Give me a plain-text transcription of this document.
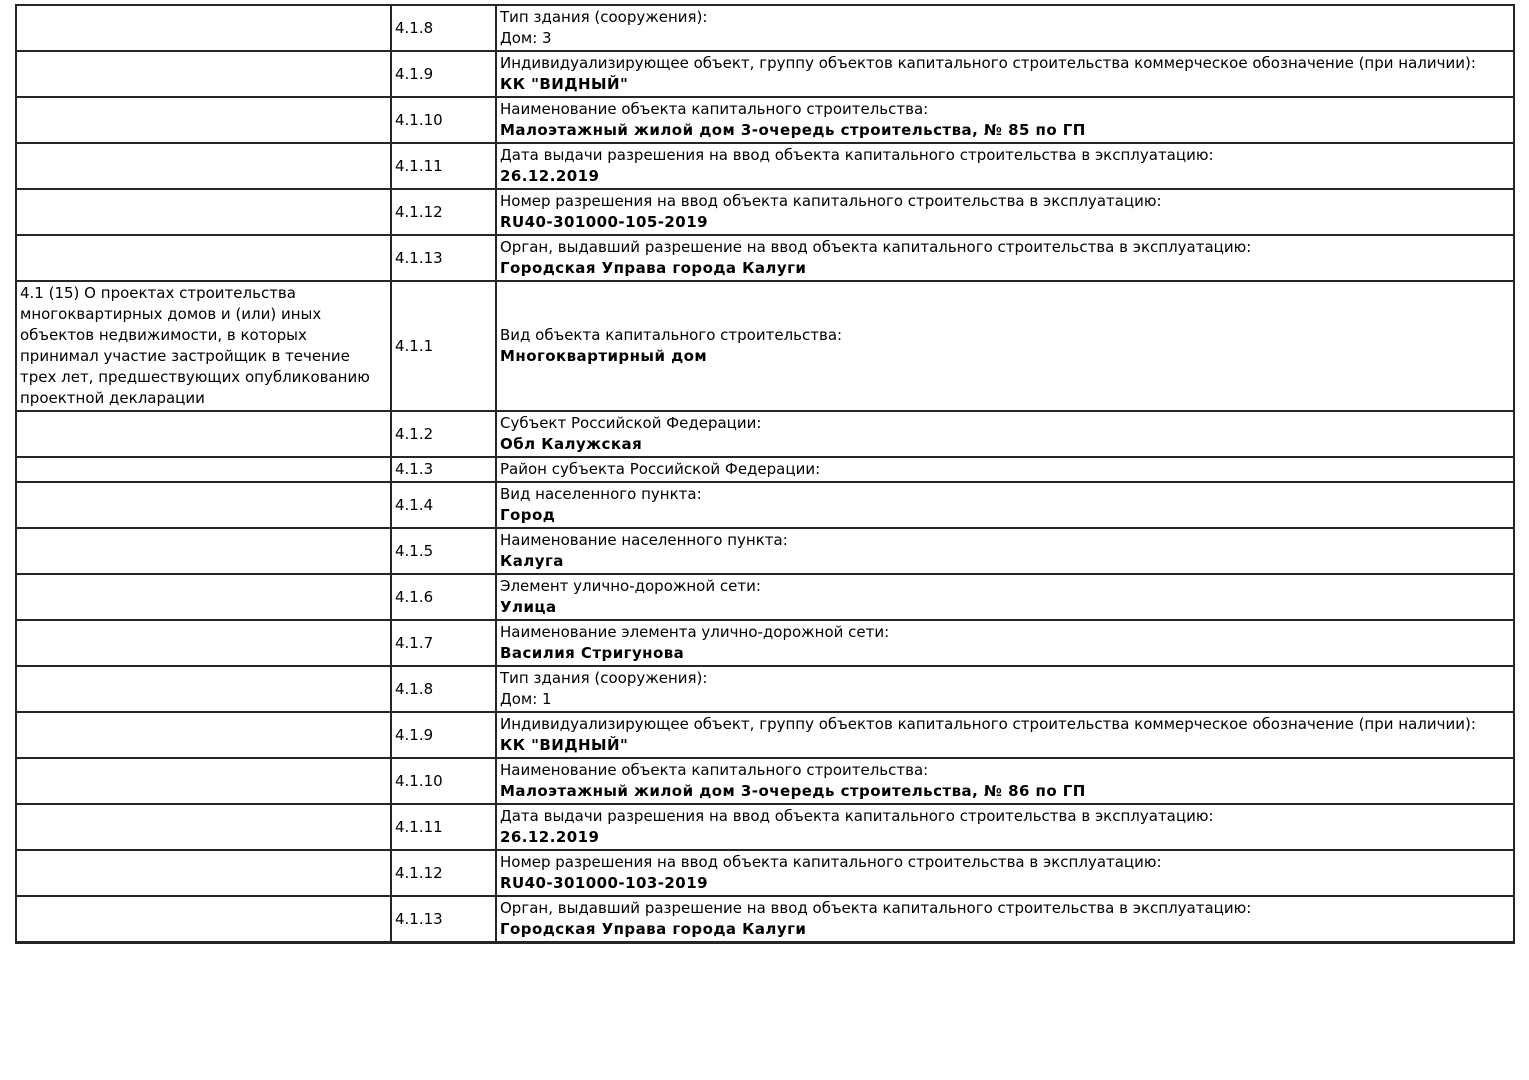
	4.1.8	Тип здания (сооружения):
Дом: 3

	4.1.9	Индивидуализирующее объект, группу объектов капитального строительства коммерческое обозначение (при наличии):
КК "ВИДНЫЙ"

	4.1.10	Наименование объекта капитального строительства:
Малоэтажный жилой дом 3-очередь строительства, № 85 по ГП

	4.1.11	Дата выдачи разрешения на ввод объекта капитального строительства в эксплуатацию:
26.12.2019

	4.1.12	Номер разрешения на ввод объекта капитального строительства в эксплуатацию:
RU40-301000-105-2019

	4.1.13	Орган, выдавший разрешение на ввод объекта капитального строительства в эксплуатацию:
Городская Управа города Калуги

4.1 (15) О проектах строительства многоквартирных домов и (или) иных объектов недвижимости, в которых принимал участие застройщик в течение трех лет, предшествующих опубликованию проектной декларации	4.1.1	Вид объекта капитального строительства:
Многоквартирный дом

	4.1.2	Субъект Российской Федерации:
Обл Калужская

	4.1.3	Район субъекта Российской Федерации:

	4.1.4	Вид населенного пункта:
Город

	4.1.5	Наименование населенного пункта:
Калуга

	4.1.6	Элемент улично-дорожной сети:
Улица

	4.1.7	Наименование элемента улично-дорожной сети:
Василия Стригунова

	4.1.8	Тип здания (сооружения):
Дом: 1

	4.1.9	Индивидуализирующее объект, группу объектов капитального строительства коммерческое обозначение (при наличии):
КК "ВИДНЫЙ"

	4.1.10	Наименование объекта капитального строительства:
Малоэтажный жилой дом 3-очередь строительства, № 86 по ГП

	4.1.11	Дата выдачи разрешения на ввод объекта капитального строительства в эксплуатацию:
26.12.2019

	4.1.12	Номер разрешения на ввод объекта капитального строительства в эксплуатацию:
RU40-301000-103-2019

	4.1.13	Орган, выдавший разрешение на ввод объекта капитального строительства в эксплуатацию:
Городская Управа города Калуги
